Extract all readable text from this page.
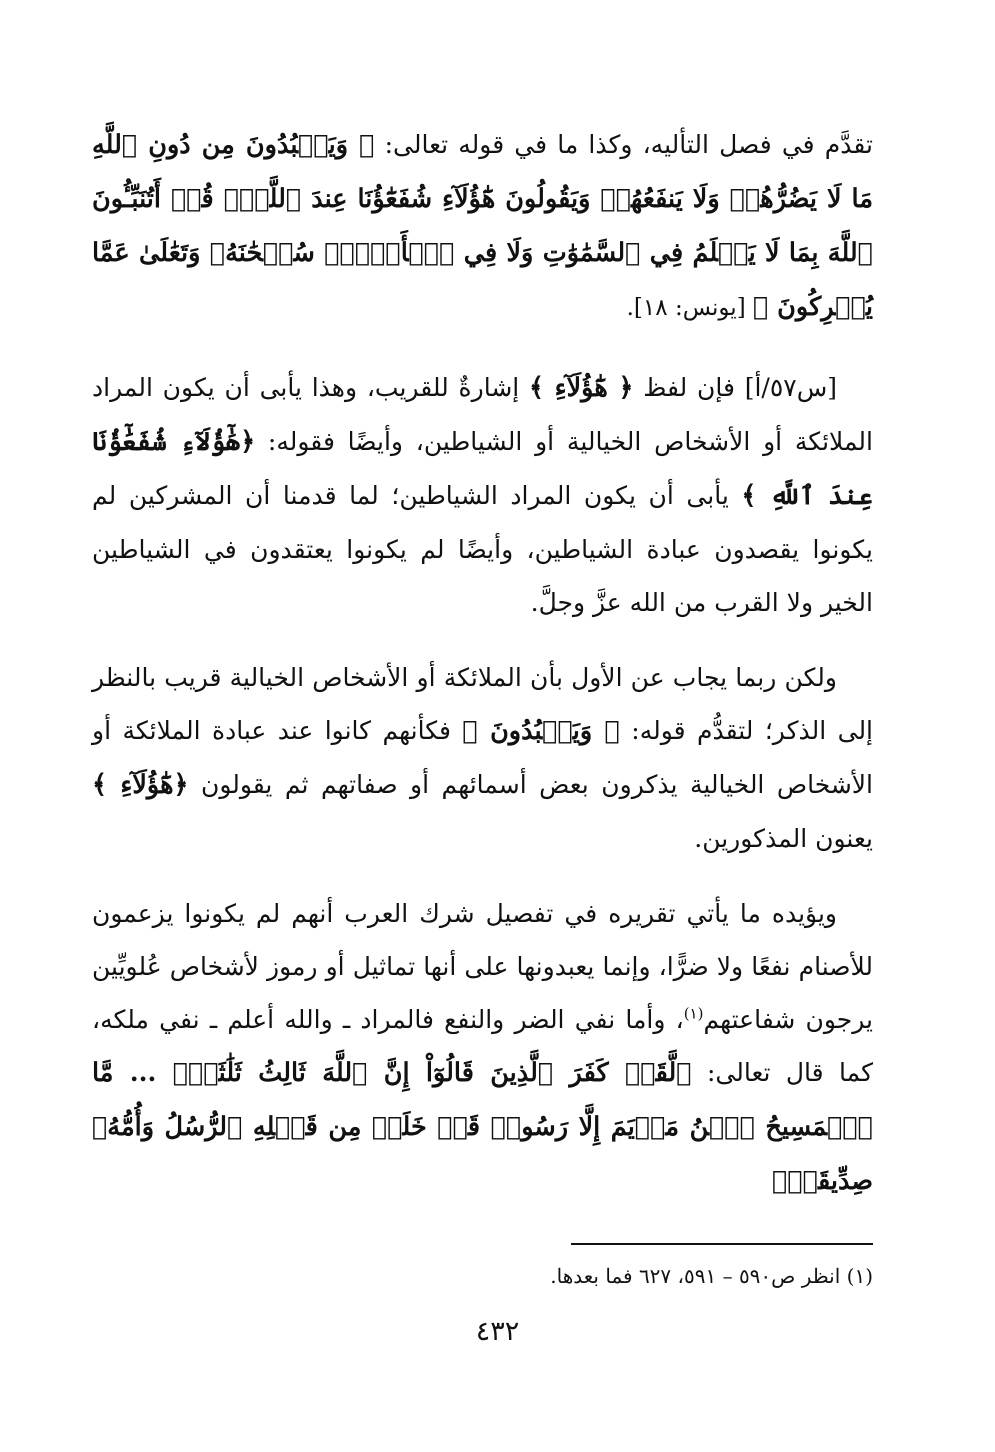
تقدَّم في فصل التأليه، وكذا ما في قوله تعالى: ﴿ وَيَعۡبُدُونَ مِن دُونِ ٱللَّهِ مَا لَا يَضُرُّهُمۡ وَلَا يَنفَعُهُمۡ وَيَقُولُونَ هَٰٓؤُلَآءِ شُفَعَٰٓؤُنَا عِندَ ٱللَّهِۚ قُلۡ أَتُنَبِّـُٔونَ ٱللَّهَ بِمَا لَا يَعۡلَمُ فِي ٱلسَّمَٰوَٰتِ وَلَا فِي ٱلۡأَرۡضِۚ سُبۡحَٰنَهُۥ وَتَعَٰلَىٰ عَمَّا يُشۡرِكُونَ ﴾ [يونس: ١٨].

[س٥٧/أ] فإن لفظ ﴿ هَٰٓؤُلَآءِ ﴾ إشارةٌ للقريب، وهذا يأبى أن يكون المراد الملائكة أو الأشخاص الخيالية أو الشياطين، وأيضًا فقوله: ﴿هَٰٓؤُلَآءِ شُفَعَٰٓؤُنَا عِندَ ٱللَّهِ ﴾ يأبى أن يكون المراد الشياطين؛ لما قدمنا أن المشركين لم يكونوا يقصدون عبادة الشياطين، وأيضًا لم يكونوا يعتقدون في الشياطين الخير ولا القرب من الله عزَّ وجلَّ.

ولكن ربما يجاب عن الأول بأن الملائكة أو الأشخاص الخيالية قريب بالنظر إلى الذكر؛ لتقدُّم قوله: ﴿ وَيَعۡبُدُونَ ﴾ فكأنهم كانوا عند عبادة الملائكة أو الأشخاص الخيالية يذكرون بعض أسمائهم أو صفاتهم ثم يقولون ﴿هَٰٓؤُلَآءِ ﴾ يعنون المذكورين.

ويؤيده ما يأتي تقريره في تفصيل شرك العرب أنهم لم يكونوا يزعمون للأصنام نفعًا ولا ضرًّا، وإنما يعبدونها على أنها تماثيل أو رموز لأشخاص عُلويِّين يرجون شفاعتهم$^{(١)}$، وأما نفي الضر والنفع فالمراد ـ والله أعلم ـ نفي ملكه، كما قال تعالى: ﴿لَّقَدۡ كَفَرَ ٱلَّذِينَ قَالُوٓاْ إِنَّ ٱللَّهَ ثَالِثُ ثَلَٰثَةٖۘ ... مَّا ٱلۡمَسِيحُ ٱبۡنُ مَرۡيَمَ إِلَّا رَسُولٞ قَدۡ خَلَتۡ مِن قَبۡلِهِ ٱلرُّسُلُ وَأُمُّهُۥ صِدِّيقَةٞۖ

(١) انظر ص٥٩٠ – ٥٩١، ٦٢٧ فما بعدها.
٤٣٢
